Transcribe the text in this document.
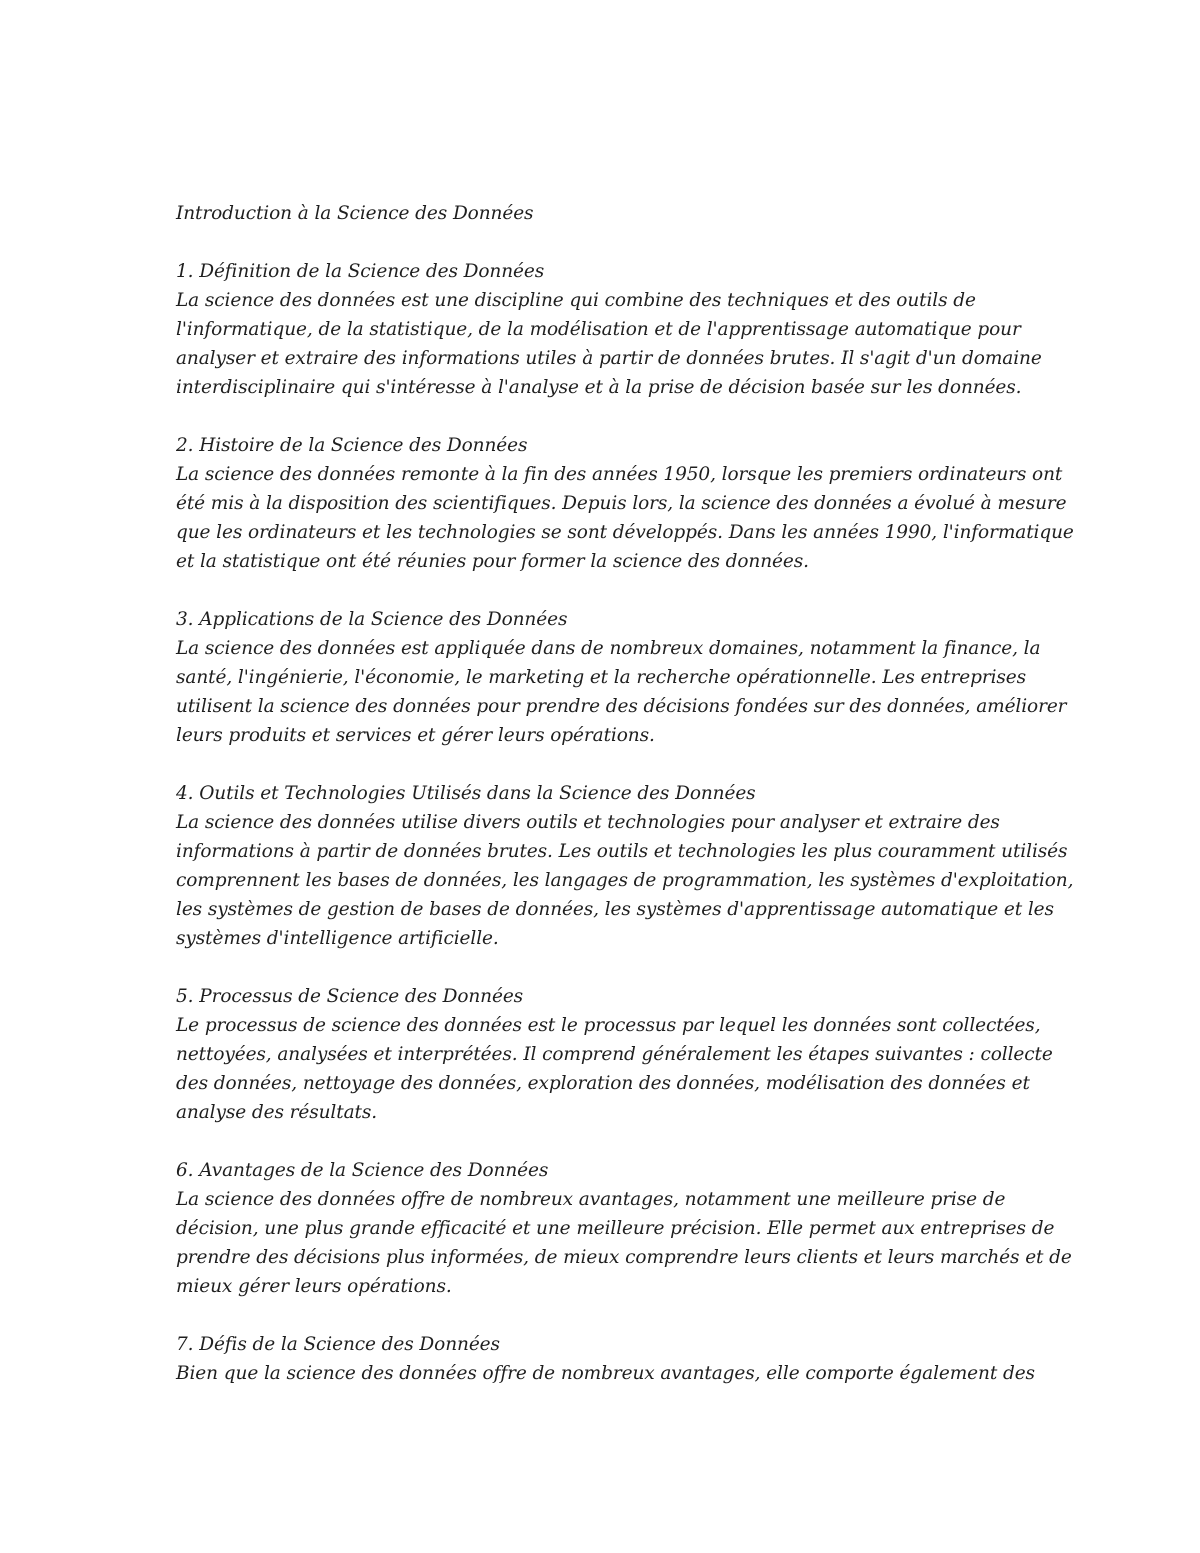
Introduction à la Science des Données
1. Définition de la Science des Données

La science des données est une discipline qui combine des techniques et des outils de

l'informatique, de la statistique, de la modélisation et de l'apprentissage automatique pour

analyser et extraire des informations utiles à partir de données brutes. Il s'agit d'un domaine

interdisciplinaire qui s'intéresse à l'analyse et à la prise de décision basée sur les données.

2. Histoire de la Science des Données

La science des données remonte à la fin des années 1950, lorsque les premiers ordinateurs ont

été mis à la disposition des scientifiques. Depuis lors, la science des données a évolué à mesure

que les ordinateurs et les technologies se sont développés. Dans les années 1990, l'informatique

et la statistique ont été réunies pour former la science des données.

3. Applications de la Science des Données

La science des données est appliquée dans de nombreux domaines, notamment la finance, la

santé, l'ingénierie, l'économie, le marketing et la recherche opérationnelle. Les entreprises

utilisent la science des données pour prendre des décisions fondées sur des données, améliorer

leurs produits et services et gérer leurs opérations.

4. Outils et Technologies Utilisés dans la Science des Données

La science des données utilise divers outils et technologies pour analyser et extraire des

informations à partir de données brutes. Les outils et technologies les plus couramment utilisés

comprennent les bases de données, les langages de programmation, les systèmes d'exploitation,

les systèmes de gestion de bases de données, les systèmes d'apprentissage automatique et les

systèmes d'intelligence artificielle.

5. Processus de Science des Données

Le processus de science des données est le processus par lequel les données sont collectées,

nettoyées, analysées et interprétées. Il comprend généralement les étapes suivantes : collecte

des données, nettoyage des données, exploration des données, modélisation des données et

analyse des résultats.

6. Avantages de la Science des Données

La science des données offre de nombreux avantages, notamment une meilleure prise de

décision, une plus grande efficacité et une meilleure précision. Elle permet aux entreprises de

prendre des décisions plus informées, de mieux comprendre leurs clients et leurs marchés et de

mieux gérer leurs opérations.

7. Défis de la Science des Données

Bien que la science des données offre de nombreux avantages, elle comporte également des
